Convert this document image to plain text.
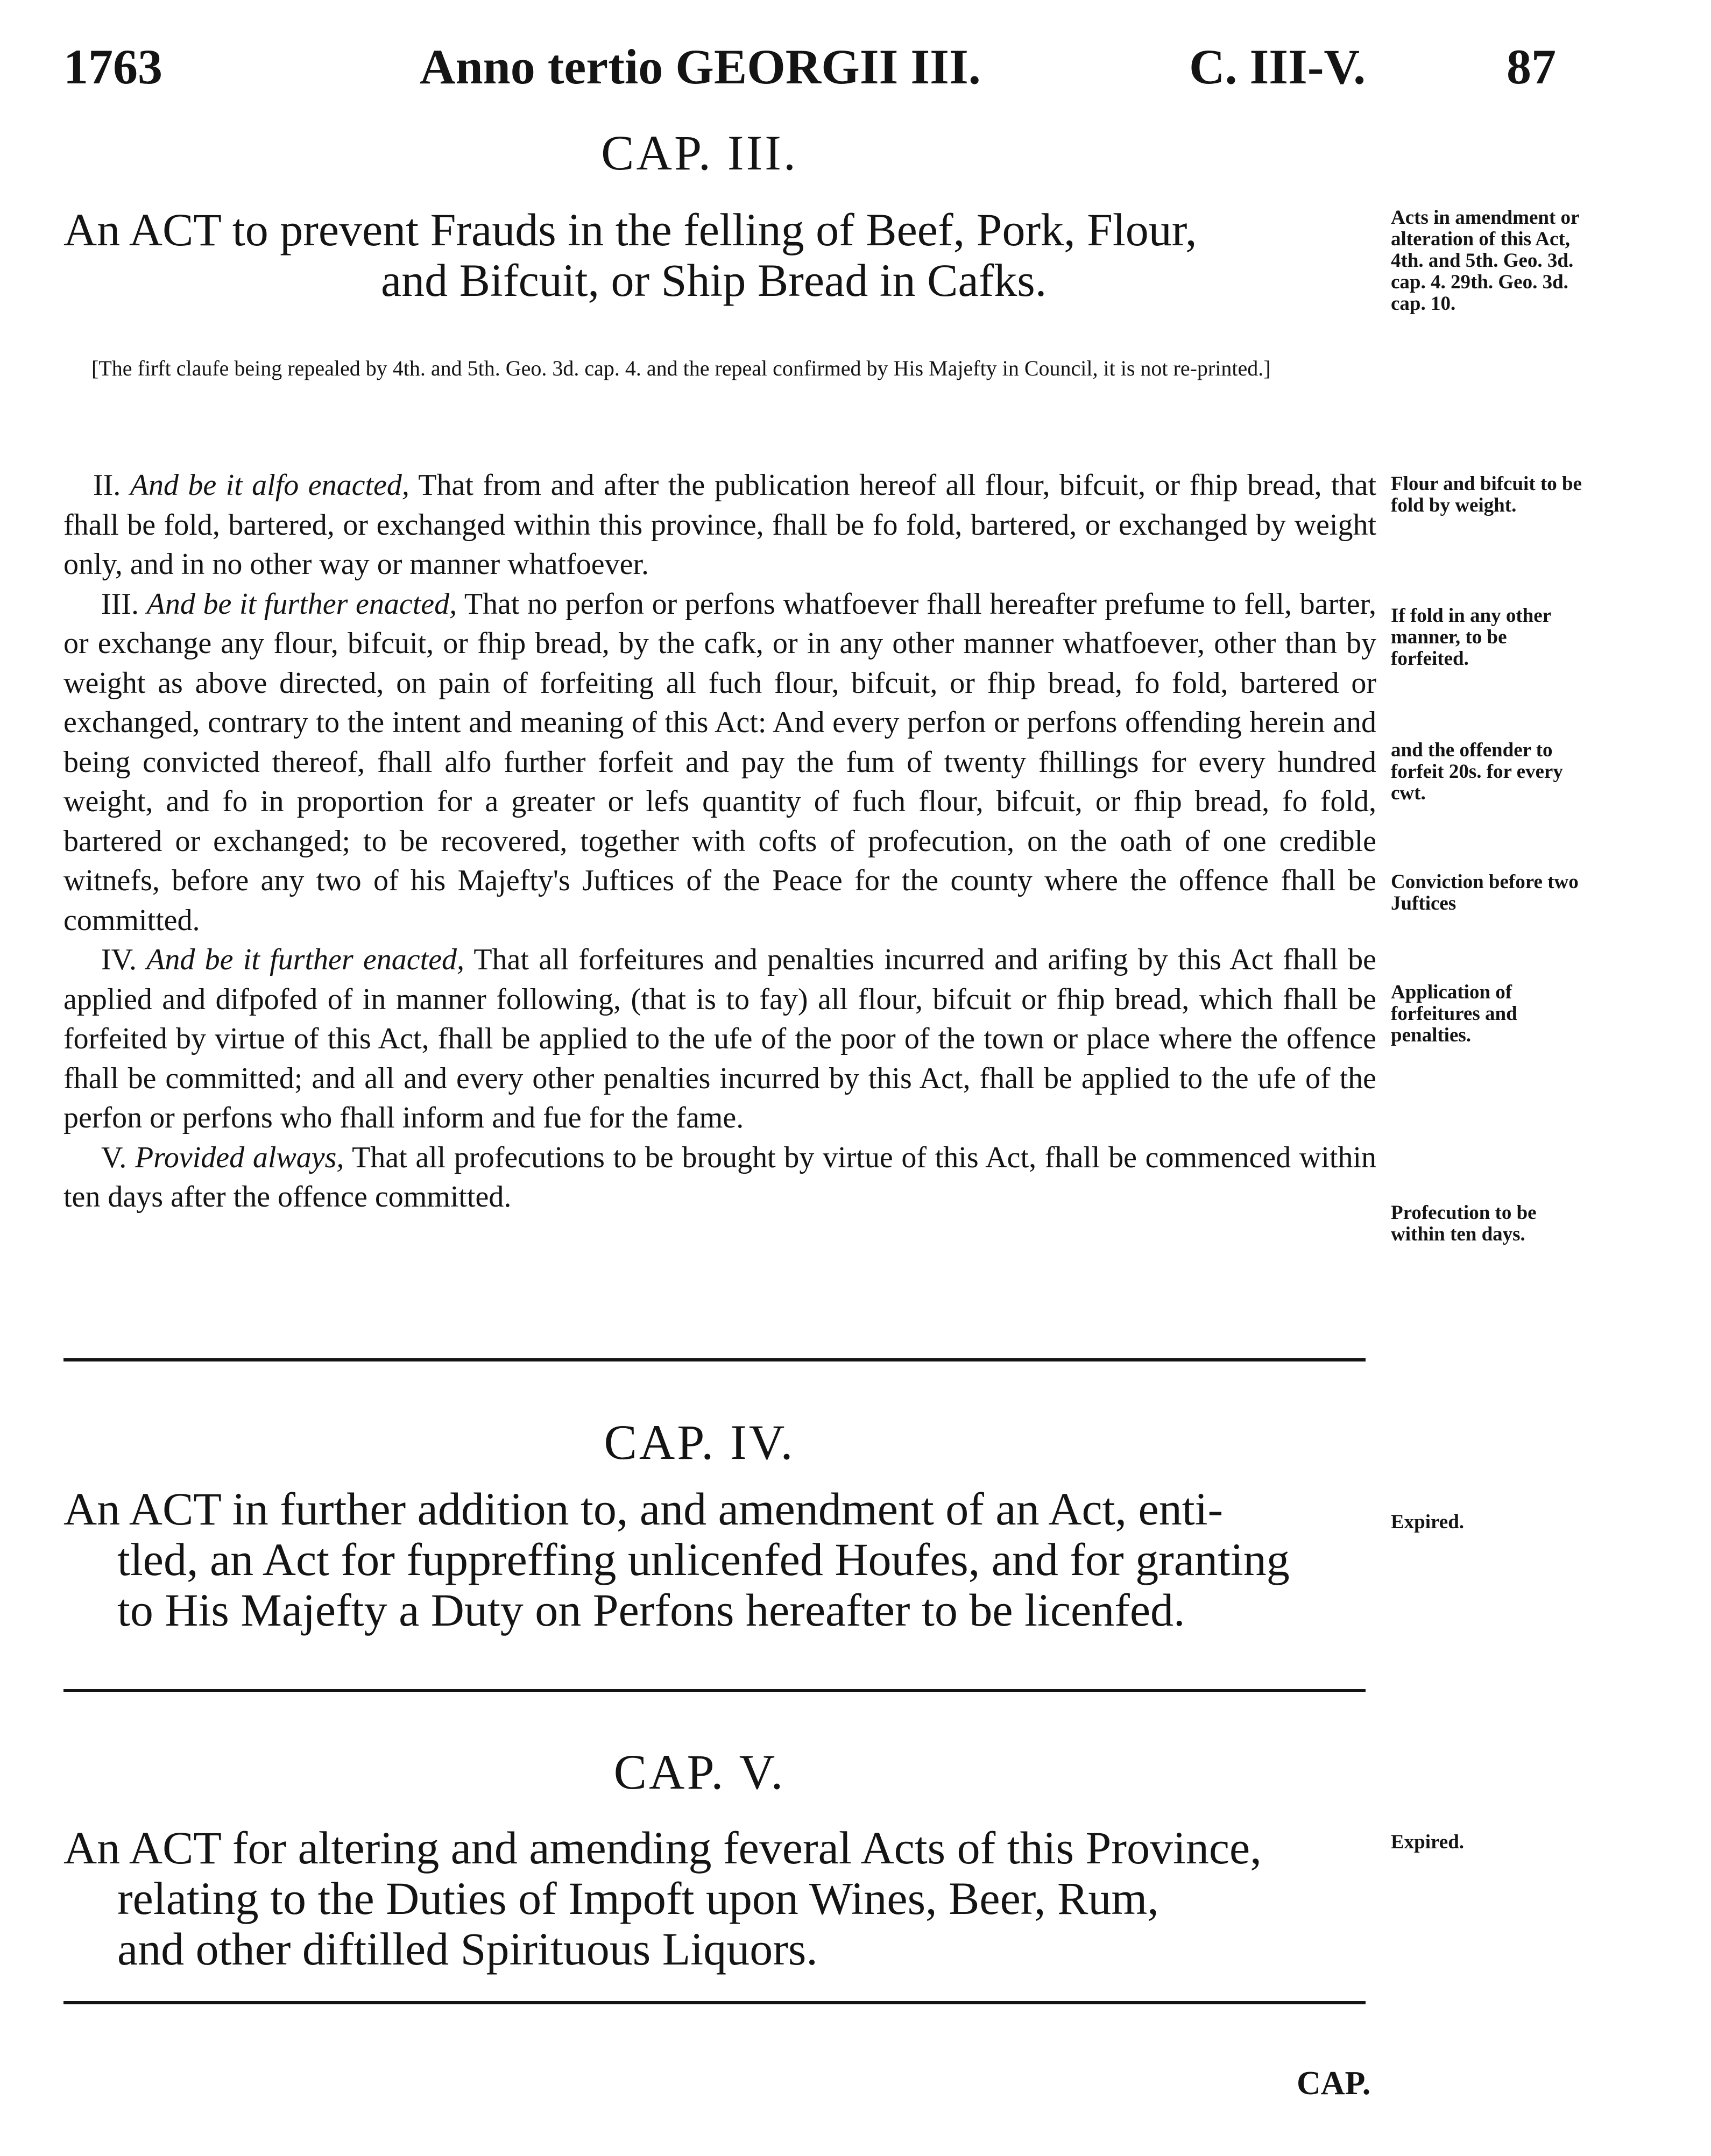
1763	Anno tertio GEORGII III.	C. III-V.	87
CAP. III.
An ACT to prevent Frauds in the felling of Beef, Pork, Flour,
and Bifcuit, or Ship Bread in Cafks.
Acts in amendment or alteration of this Act, 4th. and 5th. Geo. 3d. cap. 4. 29th. Geo. 3d. cap. 10.
[The firft claufe being repealed by 4th. and 5th. Geo. 3d. cap. 4. and the repeal confirmed by His Majefty in Council, it is not re-printed.]

II. And be it alfo enacted, That from and after the publication hereof all flour, bifcuit, or fhip bread, that fhall be fold, bartered, or exchanged within this province, fhall be fo fold, bartered, or exchanged by weight only, and in no other way or manner whatfoever.

III. And be it further enacted, That no perfon or perfons whatfoever fhall hereafter prefume to fell, barter, or exchange any flour, bifcuit, or fhip bread, by the cafk, or in any other manner whatfoever, other than by weight as above directed, on pain of forfeiting all fuch flour, bifcuit, or fhip bread, fo fold, bartered or exchanged, contrary to the intent and meaning of this Act: And every perfon or perfons offending herein and being convicted thereof, fhall alfo further forfeit and pay the fum of twenty fhillings for every hundred weight, and fo in proportion for a greater or lefs quantity of fuch flour, bifcuit, or fhip bread, fo fold, bartered or exchanged; to be recovered, together with cofts of profecution, on the oath of one credible witnefs, before any two of his Majefty's Juftices of the Peace for the county where the offence fhall be committed.

IV. And be it further enacted, That all forfeitures and penalties incurred and arifing by this Act fhall be applied and difpofed of in manner following, (that is to fay) all flour, bifcuit or fhip bread, which fhall be forfeited by virtue of this Act, fhall be applied to the ufe of the poor of the town or place where the offence fhall be committed; and all and every other penalties incurred by this Act, fhall be applied to the ufe of the perfon or perfons who fhall inform and fue for the fame.

V. Provided always, That all profecutions to be brought by virtue of this Act, fhall be commenced within ten days after the offence committed.

Flour and bifcuit to be fold by weight.
If fold in any other manner, to be forfeited.
and the offender to forfeit 20s. for every cwt.
Conviction before two Juftices
Application of forfeitures and penalties.
Profecution to be within ten days.
CAP. IV.
An ACT in further addition to, and amendment of an Act, enti-
tled, an Act for fuppreffing unlicenfed Houfes, and for granting
to His Majefty a Duty on Perfons hereafter to be licenfed.
Expired.
CAP. V.
An ACT for altering and amending feveral Acts of this Province,
relating to the Duties of Impoft upon Wines, Beer, Rum,
and other diftilled Spirituous Liquors.
Expired.
CAP.
